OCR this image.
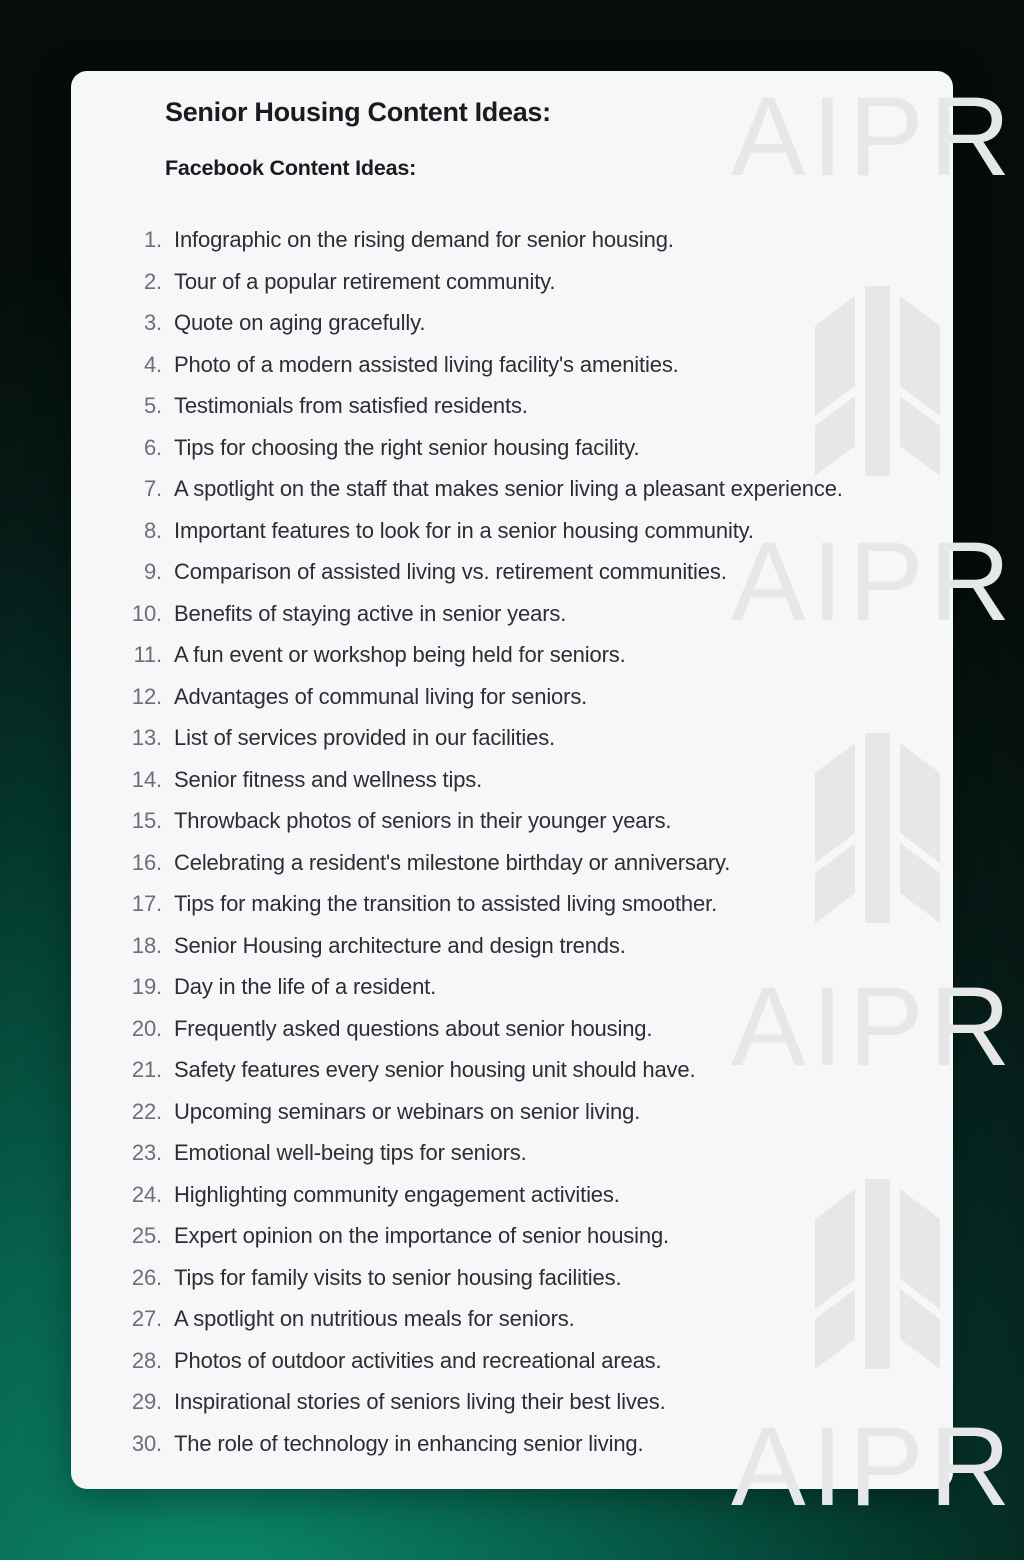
AIPR
AIPR
AIPR
AIPR
Senior Housing Content Ideas:
Facebook Content Ideas:
1. Infographic on the rising demand for senior housing.
2. Tour of a popular retirement community.
3. Quote on aging gracefully.
4. Photo of a modern assisted living facility's amenities.
5. Testimonials from satisfied residents.
6. Tips for choosing the right senior housing facility.
7. A spotlight on the staff that makes senior living a pleasant experience.
8. Important features to look for in a senior housing community.
9. Comparison of assisted living vs. retirement communities.
10. Benefits of staying active in senior years.
11. A fun event or workshop being held for seniors.
12. Advantages of communal living for seniors.
13. List of services provided in our facilities.
14. Senior fitness and wellness tips.
15. Throwback photos of seniors in their younger years.
16. Celebrating a resident's milestone birthday or anniversary.
17. Tips for making the transition to assisted living smoother.
18. Senior Housing architecture and design trends.
19. Day in the life of a resident.
20. Frequently asked questions about senior housing.
21. Safety features every senior housing unit should have.
22. Upcoming seminars or webinars on senior living.
23. Emotional well-being tips for seniors.
24. Highlighting community engagement activities.
25. Expert opinion on the importance of senior housing.
26. Tips for family visits to senior housing facilities.
27. A spotlight on nutritious meals for seniors.
28. Photos of outdoor activities and recreational areas.
29. Inspirational stories of seniors living their best lives.
30. The role of technology in enhancing senior living.
